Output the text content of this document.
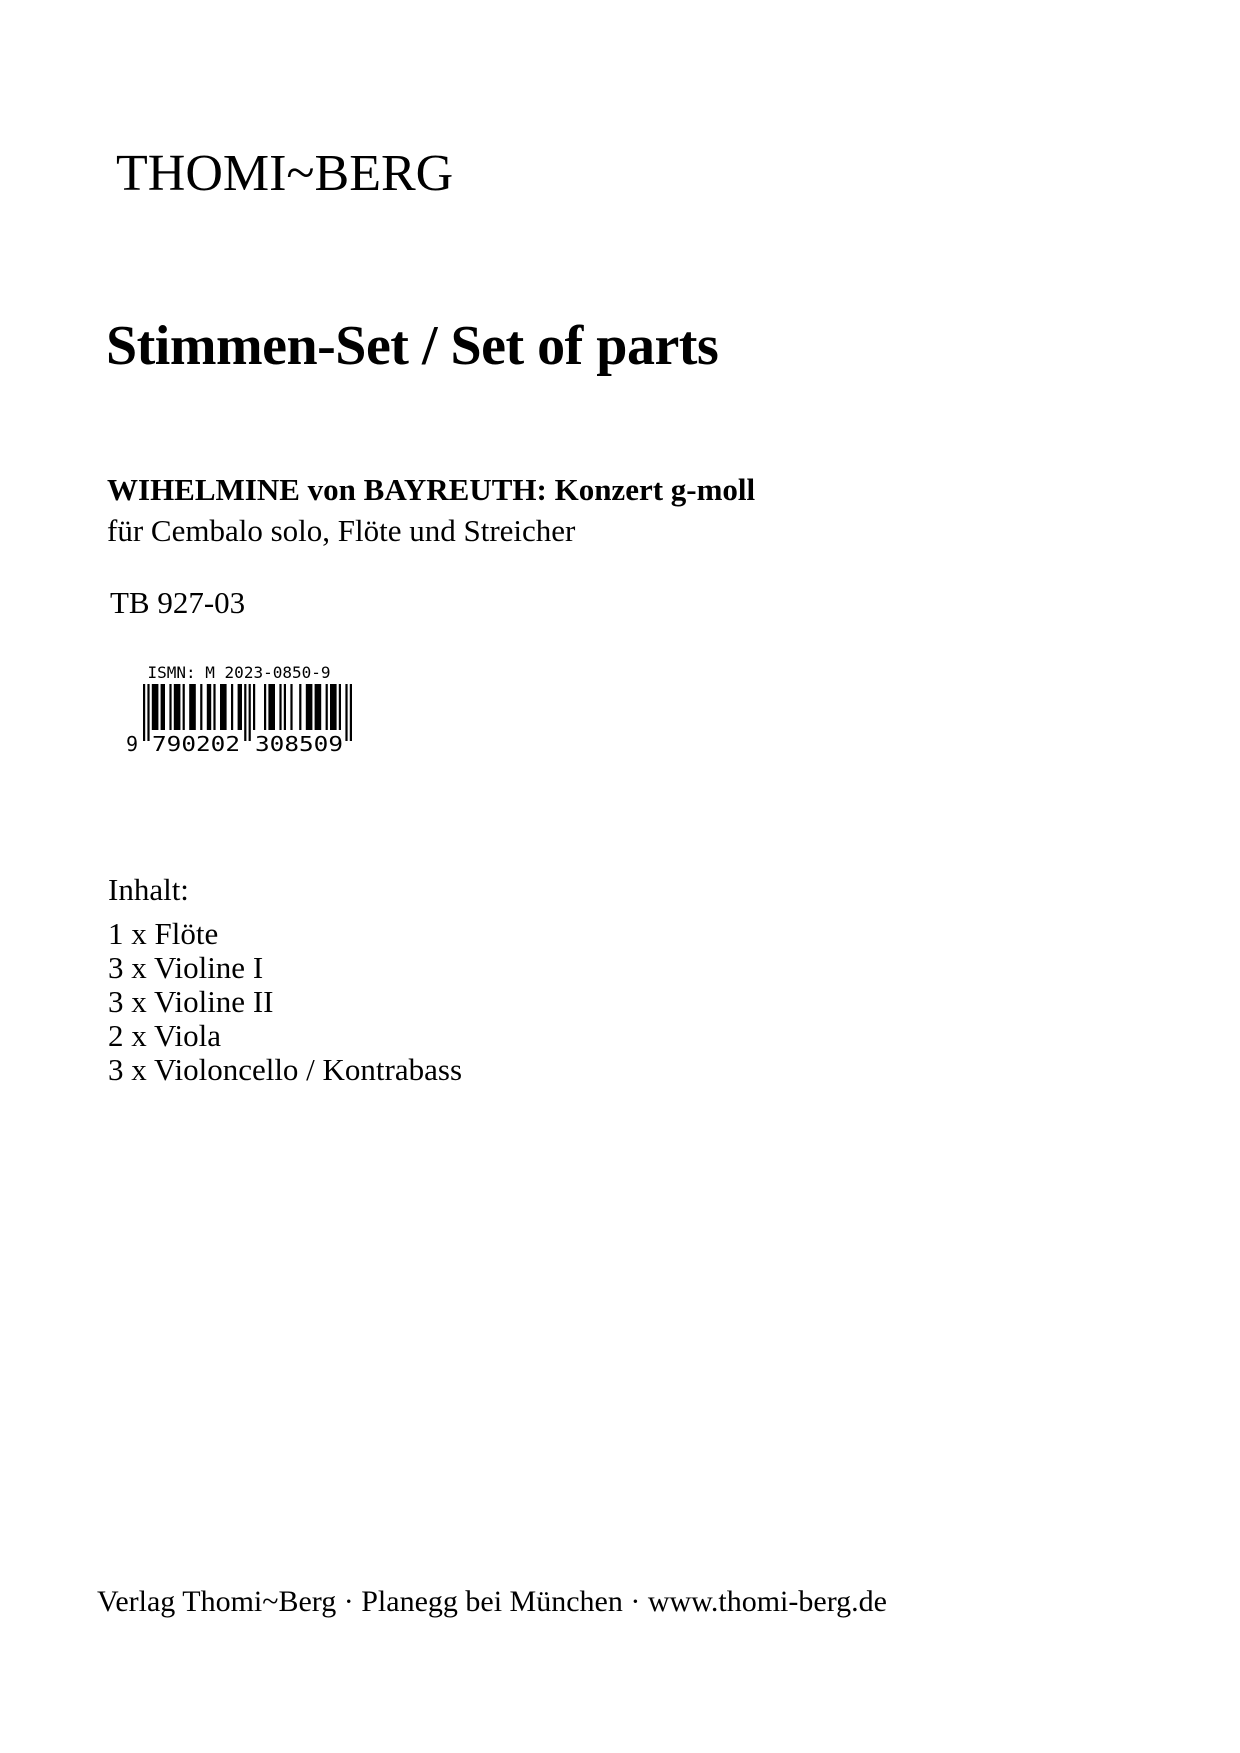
THOMI~BERG
Stimmen-Set / Set of parts
WIHELMINE von BAYREUTH: Konzert g-moll
für Cembalo solo, Flöte und Streicher
TB 927-03
ISMN: M 2023-0850-9
9 790202 308509
Inhalt:
1 x Flöte
3 x Violine I
3 x Violine II
2 x Viola
3 x Violoncello / Kontrabass
Verlag Thomi~Berg · Planegg bei München · www.thomi-berg.de
